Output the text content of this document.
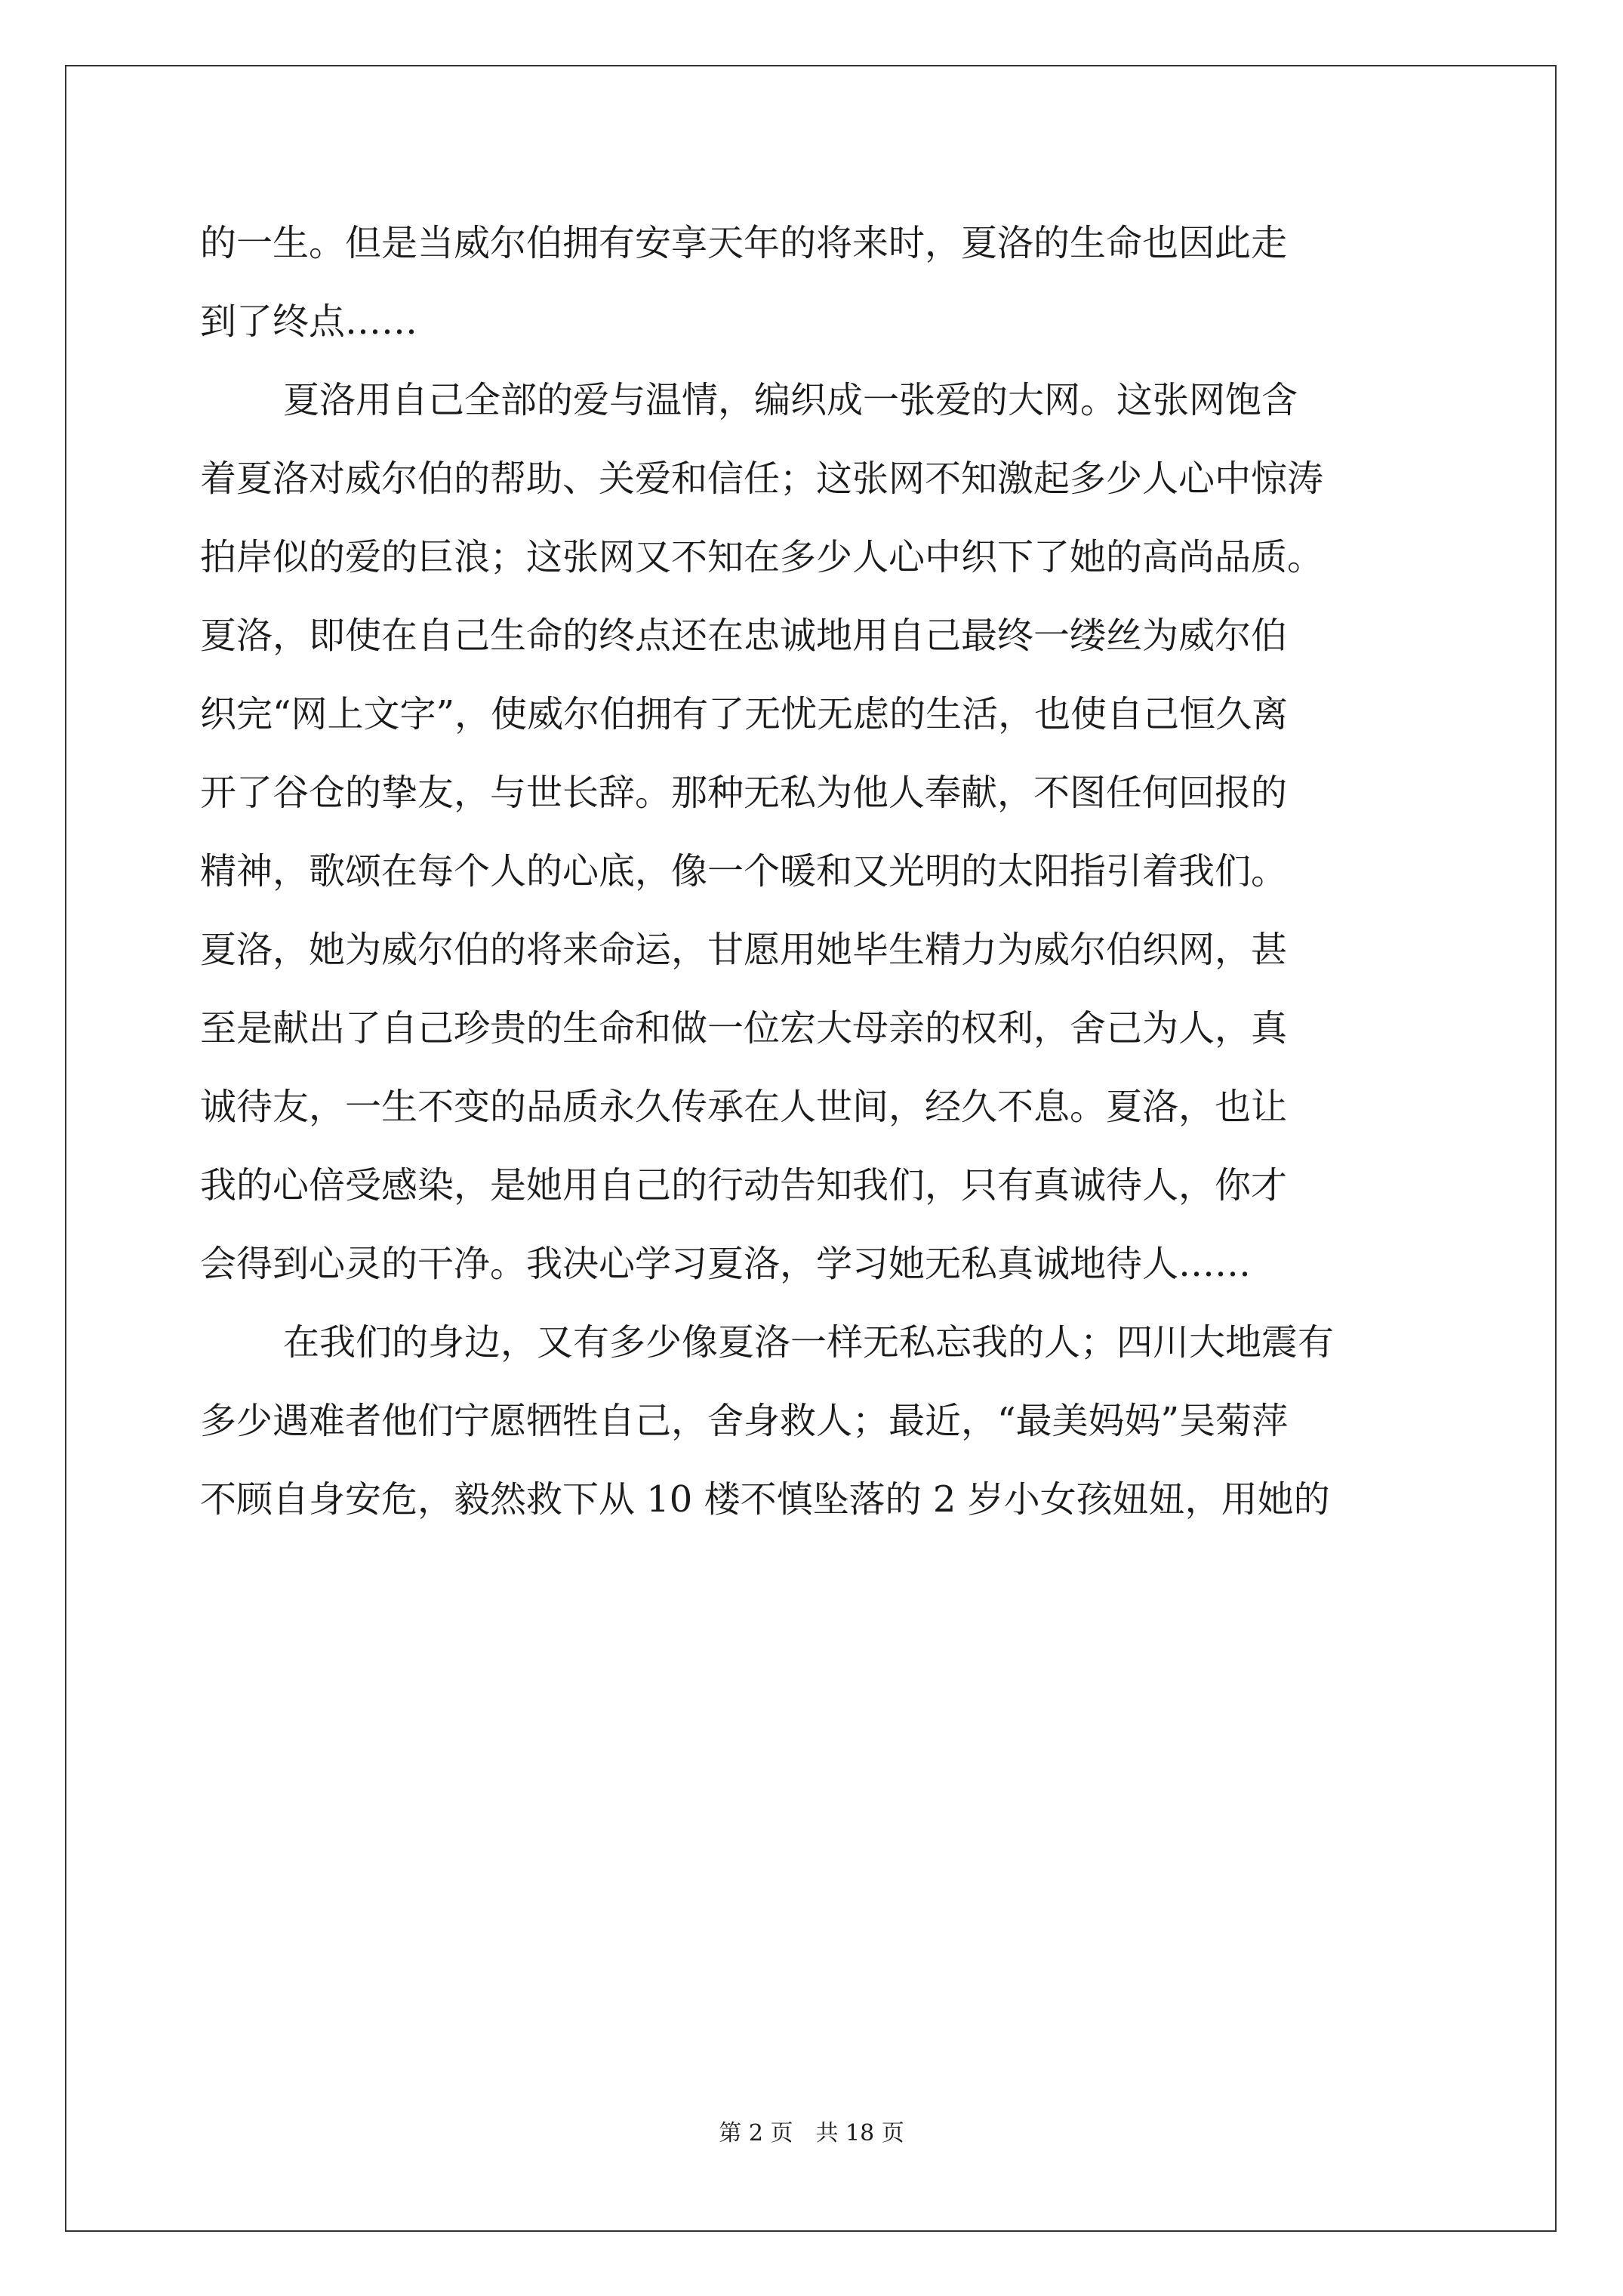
的一生。但是当威尔伯拥有安享天年的将来时，夏洛的生命也因此走
到了终点……
夏洛用自己全部的爱与温情，编织成一张爱的大网。这张网饱含
着夏洛对威尔伯的帮助、关爱和信任；这张网不知激起多少人心中惊涛
拍岸似的爱的巨浪；这张网又不知在多少人心中织下了她的高尚品质。
夏洛，即使在自己生命的终点还在忠诚地用自己最终一缕丝为威尔伯
织完“网上文字”，使威尔伯拥有了无忧无虑的生活，也使自己恒久离
开了谷仓的挚友，与世长辞。那种无私为他人奉献，不图任何回报的
精神，歌颂在每个人的心底，像一个暖和又光明的太阳指引着我们。
夏洛，她为威尔伯的将来命运，甘愿用她毕生精力为威尔伯织网，甚
至是献出了自己珍贵的生命和做一位宏大母亲的权利，舍己为人，真
诚待友，一生不变的品质永久传承在人世间，经久不息。夏洛，也让
我的心倍受感染，是她用自己的行动告知我们，只有真诚待人，你才
会得到心灵的干净。我决心学习夏洛，学习她无私真诚地待人……
在我们的身边，又有多少像夏洛一样无私忘我的人；四川大地震有
多少遇难者他们宁愿牺牲自己，舍身救人；最近，“最美妈妈”吴菊萍
不顾自身安危，毅然救下从 10 楼不慎坠落的 2 岁小女孩妞妞，用她的
第 2 页　共 18 页
